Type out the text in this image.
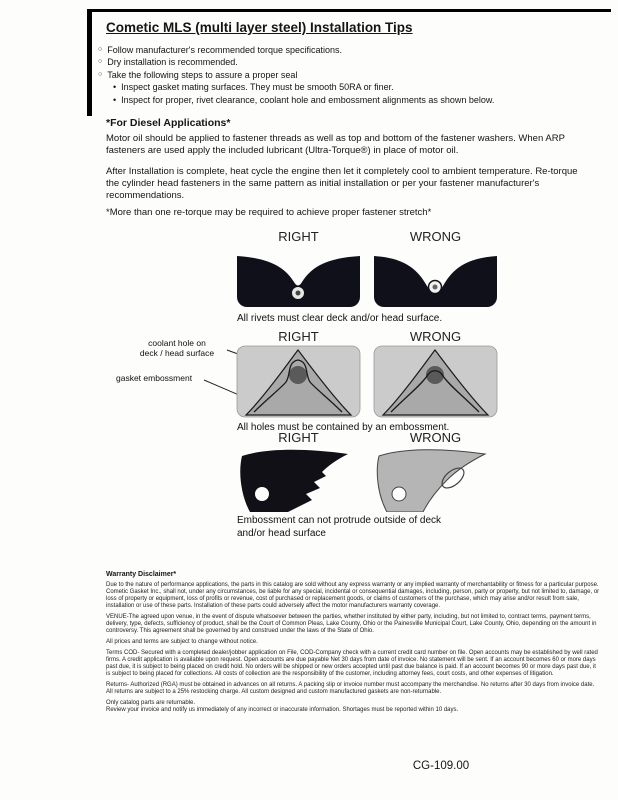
Cometic MLS (multi layer steel) Installation Tips
○ Follow manufacturer's recommended torque specifications.
○ Dry installation is recommended.
○ Take the following steps to assure a proper seal
• Inspect gasket mating surfaces. They must be smooth 50RA or finer.
• Inspect for proper, rivet clearance, coolant hole and embossment alignments as shown below.
*For Diesel Applications*
Motor oil should be applied to fastener threads as well as top and bottom of the fastener washers. When ARP fasteners are used apply the included lubricant (Ultra-Torque®) in place of motor oil.
After Installation is complete, heat cycle the engine then let it completely cool to ambient temperature. Re-torque the cylinder head fasteners in the same pattern as initial installation or per your fastener manufacturer's recommendations.
*More than one re-torque may be required to achieve proper fastener stretch*
RIGHT	WRONG
All rivets must clear deck and/or head surface.
RIGHT	WRONG
coolant hole on
deck / head surface
gasket embossment
All holes must be contained by an embossment.
RIGHT	WRONG
Embossment can not protrude outside of deck and/or head surface
Warranty Disclaimer*

Due to the nature of performance applications, the parts in this catalog are sold without any express warranty or any implied warranty of merchantability or fitness for a particular purpose. Cometic Gasket Inc., shall not, under any circumstances, be liable for any special, incidental or consequential damages, including, person, party or property, but not limited to, damage, or loss of property or equipment, loss of profits or revenue, cost of purchased or replacement goods, or claims of customers of the purchase, which may arise and/or result from sale, installation or use of these parts. Installation of these parts could adversely affect the motor manufacturers warranty coverage.

VENUE-The agreed upon venue, in the event of dispute whatsoever between the parties, whether instituted by either party, including, but not limited to, contract terms, payment terms, delivery, type, defects, sufficiency of product, shall be the Court of Common Pleas, Lake County, Ohio or the Painesville Municipal Court, Lake County, Ohio, depending on the amount in controversy. This agreement shall be governed by and construed under the laws of the State of Ohio.

All prices and terms are subject to change without notice.

Terms COD- Secured with a completed dealer/jobber application on File, COD-Company check with a current credit card number on file. Open accounts may be established by well rated firms. A credit application is available upon request. Open accounts are due payable Net 30 days from date of invoice. No statement will be sent. If an account becomes 60 or more days past due, it is subject to being placed on credit hold. No orders will be shipped or new orders accepted until past due balance is paid. If an account becomes 90 or more days past due, it is subject to being placed for collections. All costs of collection are the responsibility of the customer, including attorney fees, court costs, and other expenses of litigation.

Returns- Authorized (RGA) must be obtained in advances on all returns. A packing slip or invoice number must accompany the merchandise. No returns after 30 days from invoice date. All returns are subject to a 25% restocking charge. All custom designed and custom manufactured gaskets are non-returnable.

Only catalog parts are returnable.

Review your invoice and notify us immediately of any incorrect or inaccurate information. Shortages must be reported within 10 days.

CG-109.00
